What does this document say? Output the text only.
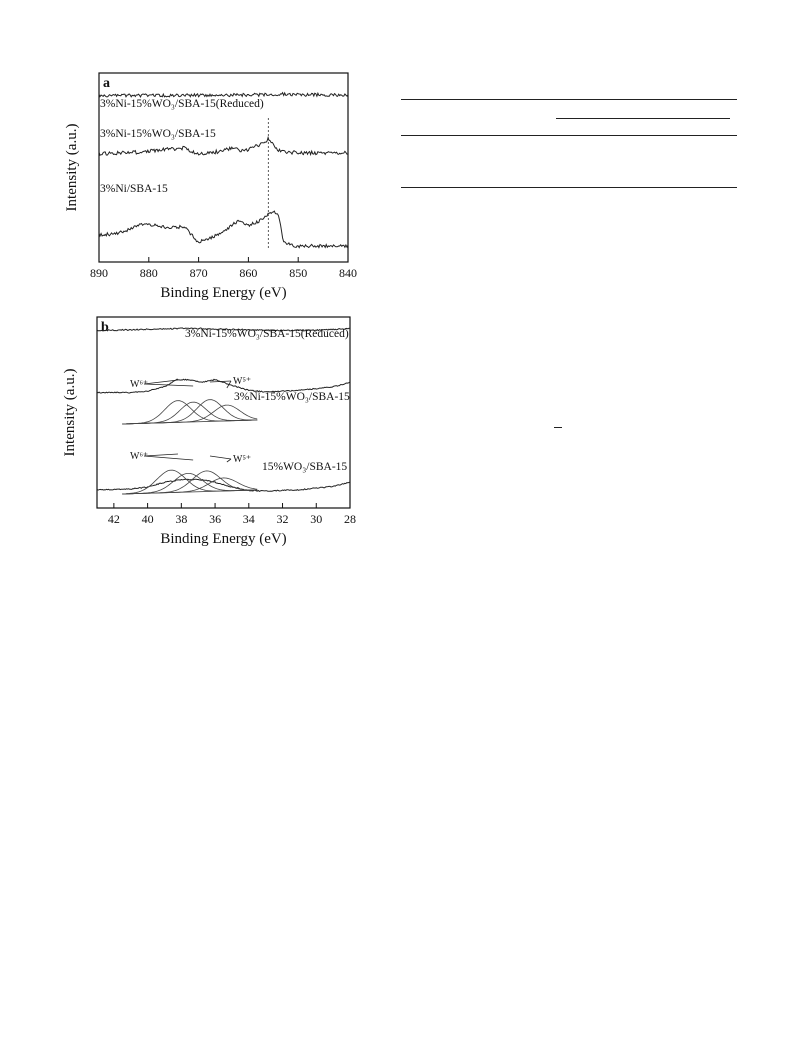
890	880	870	860	850	840
Binding Energy (eV)
Intensity (a.u.)
a
3%Ni-15%WO₃/SBA-15(Reduced)
3%Ni-15%WO₃/SBA-15
3%Ni/SBA-15
42 40 38 36 34 32 30 28
Binding Energy (eV)
Intensity (a.u.)
b	3%Ni-15%WO₃/SBA-15(Reduced)
3%Ni-15%WO₃/SBA-15
15%WO₃/SBA-15
W⁶⁺	W⁵⁺
W⁶⁺	W⁵⁺
